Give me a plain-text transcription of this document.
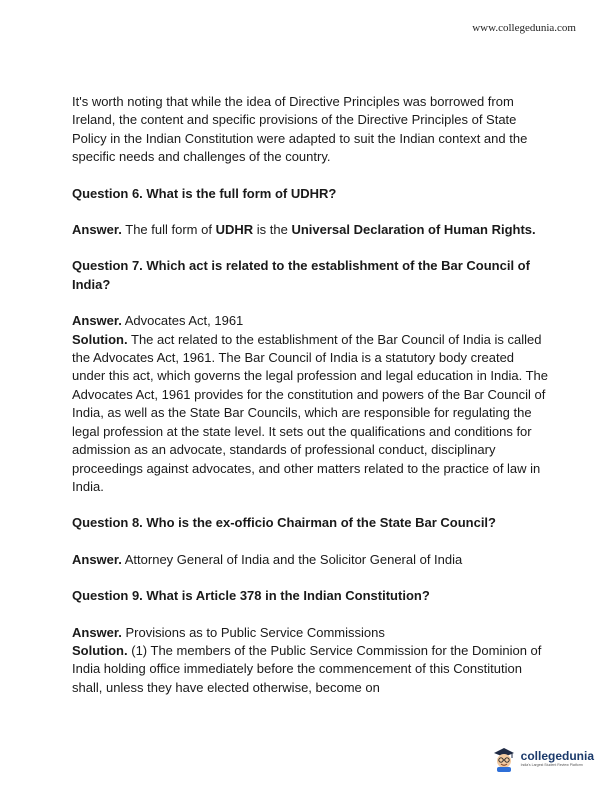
www.collegedunia.com

It's worth noting that while the idea of Directive Principles was borrowed from Ireland, the content and specific provisions of the Directive Principles of State Policy in the Indian Constitution were adapted to suit the Indian context and the specific needs and challenges of the country.

Question 6. What is the full form of UDHR?

Answer. The full form of UDHR is the Universal Declaration of Human Rights.

Question 7. Which act is related to the establishment of the Bar Council of India?

Answer. Advocates Act, 1961

Solution. The act related to the establishment of the Bar Council of India is called the Advocates Act, 1961. The Bar Council of India is a statutory body created under this act, which governs the legal profession and legal education in India. The Advocates Act, 1961 provides for the constitution and powers of the Bar Council of India, as well as the State Bar Councils, which are responsible for regulating the legal profession at the state level. It sets out the qualifications and conditions for admission as an advocate, standards of professional conduct, disciplinary proceedings against advocates, and other matters related to the practice of law in India.

Question 8. Who is the ex-officio Chairman of the State Bar Council?

Answer. Attorney General of India and the Solicitor General of India

Question 9. What is Article 378 in the Indian Constitution?

Answer. Provisions as to Public Service Commissions

Solution. (1) The members of the Public Service Commission for the Dominion of India holding office immediately before the commencement of this Constitution shall, unless they have elected otherwise, become on

collegedunia
India's Largest Student Review Platform
